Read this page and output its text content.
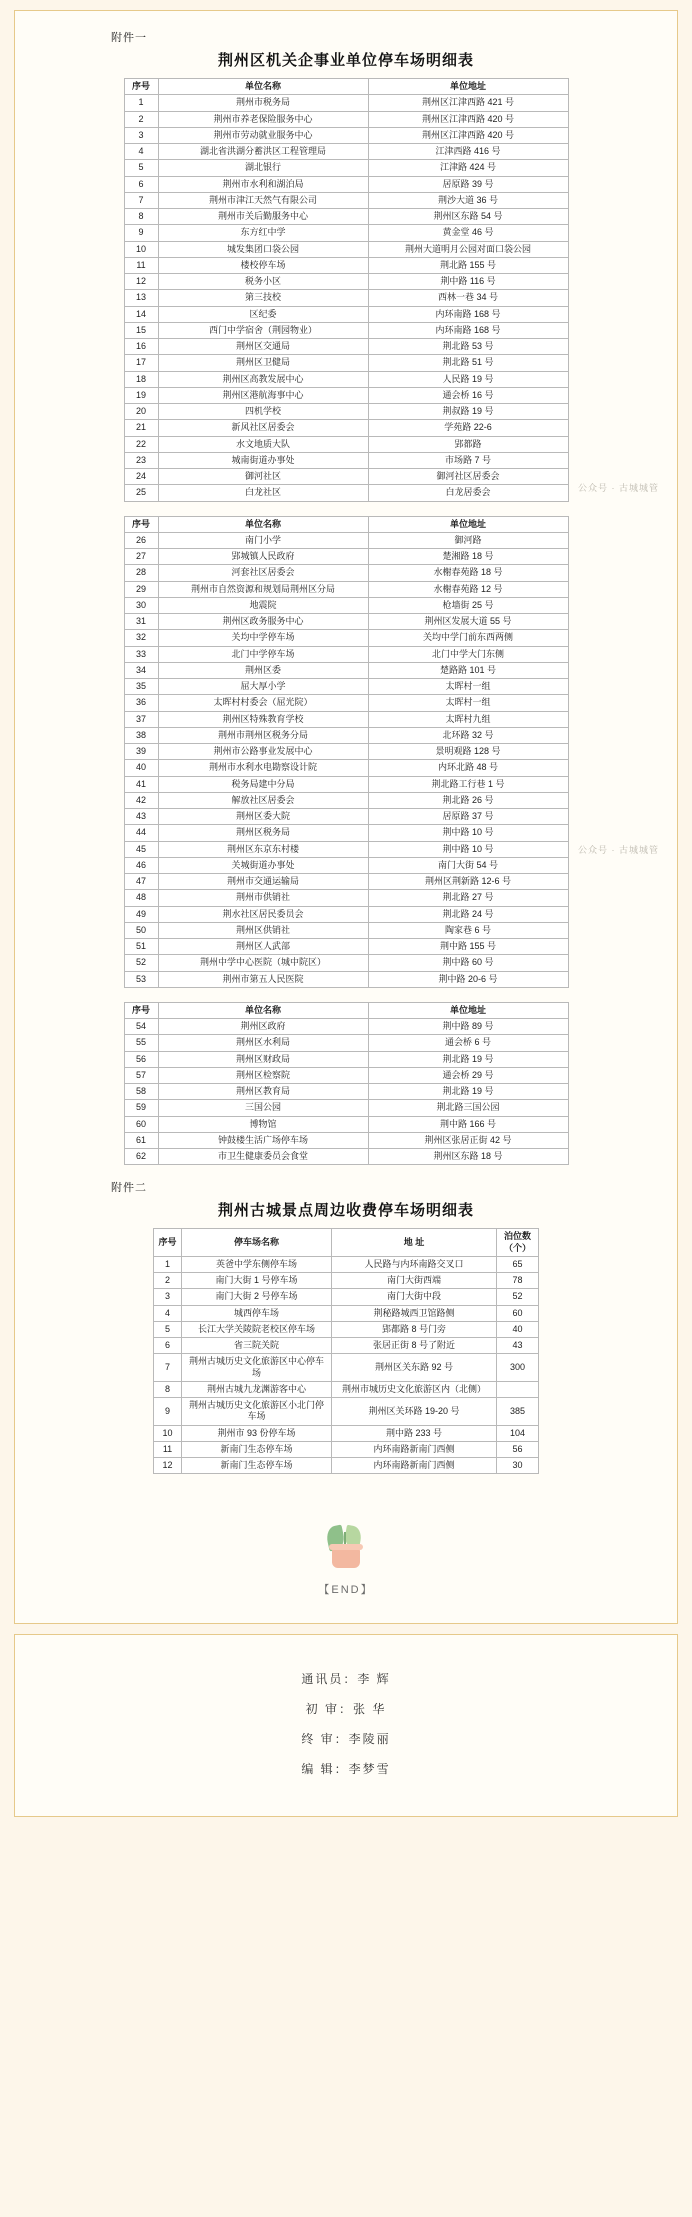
公众号 · 古城城管
公众号 · 古城城管
附件一
荆州区机关企事业单位停车场明细表
序号	单位名称	单位地址
1	荆州市税务局	荆州区江津西路 421 号
2	荆州市养老保险服务中心	荆州区江津西路 420 号
3	荆州市劳动就业服务中心	荆州区江津西路 420 号
4	湖北省洪湖分蓄洪区工程管理局	江津西路 416 号
5	湖北银行	江津路 424 号
6	荆州市水利和湖泊局	居原路 39 号
7	荆州市津江天然气有限公司	荆沙大道 36 号
8	荆州市关后勤服务中心	荆州区东路 54 号
9	东方红中学	黄金堂 46 号
10	城发集团口袋公园	荆州大道明月公园对面口袋公园
11	楼校停车场	荆北路 155 号
12	税务小区	荆中路 116 号
13	第三技校	西林一巷 34 号
14	区纪委	内环南路 168 号
15	西门中学宿舍（荆园物业）	内环南路 168 号
16	荆州区交通局	荆北路 53 号
17	荆州区卫健局	荆北路 51 号
18	荆州区高教发展中心	人民路 19 号
19	荆州区港航海事中心	通会桥 16 号
20	四机学校	荆叔路 19 号
21	新风社区居委会	学苑路 22-6
22	水文地质大队	郢都路
23	城南街道办事处	市场路 7 号
24	御河社区	御河社区居委会
25	白龙社区	白龙居委会
序号	单位名称	单位地址
26	南门小学	御河路
27	郢城镇人民政府	楚湘路 18 号
28	河套社区居委会	水榭春苑路 18 号
29	荆州市自然资源和规划局荆州区分局	水榭春苑路 12 号
30	地震院	枪墙街 25 号
31	荆州区政务服务中心	荆州区发展大道 55 号
32	关均中学停车场	关均中学门前东西两侧
33	北门中学停车场	北门中学大门东侧
34	荆州区委	楚路路 101 号
35	屈大厚小学	太晖村一组
36	太晖村村委会（屈光院）	太晖村一组
37	荆州区特殊教育学校	太晖村九组
38	荆州市荆州区税务分局	北环路 32 号
39	荆州市公路事业发展中心	景明观路 128 号
40	荆州市水利水电勘察设计院	内环北路 48 号
41	税务局建中分局	荆北路工行巷 1 号
42	解放社区居委会	荆北路 26 号
43	荆州区委大院	居原路 37 号
44	荆州区税务局	荆中路 10 号
45	荆州区东京东村楼	荆中路 10 号
46	关城街道办事处	南门大街 54 号
47	荆州市交通运输局	荆州区荆新路 12-6 号
48	荆州市供销社	荆北路 27 号
49	荆水社区居民委员会	荆北路 24 号
50	荆州区供销社	陶家巷 6 号
51	荆州区人武部	荆中路 155 号
52	荆州中学中心医院（城中院区）	荆中路 60 号
53	荆州市第五人民医院	荆中路 20-6 号
序号	单位名称	单位地址
54	荆州区政府	荆中路 89 号
55	荆州区水利局	通会桥 6 号
56	荆州区财政局	荆北路 19 号
57	荆州区检察院	通会桥 29 号
58	荆州区教育局	荆北路 19 号
59	三国公园	荆北路三国公园
60	博物馆	荆中路 166 号
61	钟鼓楼生活广场停车场	荆州区张居正街 42 号
62	市卫生健康委员会食堂	荆州区东路 18 号
附件二
荆州古城景点周边收费停车场明细表
序号	停车场名称	地 址	泊位数（个）
1	英爸中学东侧停车场	人民路与内环南路交叉口	65
2	南门大街 1 号停车场	南门大街西端	78
3	南门大街 2 号停车场	南门大街中段	52
4	城西停车场	荆秘路城西卫馆路侧	60
5	长江大学关陵院老校区停车场	郢都路 8 号门旁	40
6	省三院关院	张居正街 8 号了附近	43
7	荆州古城历史文化旅游区中心停车场	荆州区关东路 92 号	300
8	荆州古城九龙渊游客中心	荆州市城历史文化旅游区内（北侧）	
9	荆州古城历史文化旅游区小北门停车场	荆州区关环路 19-20 号	385
10	荆州市 93 份停车场	荆中路 233 号	104
11	新南门生态停车场	内环南路新南门西侧	56
12	新南门生态停车场	内环南路新南门西侧	30
【END】
通讯员：李 辉
初 审：张 华
终 审：李陵丽
编 辑：李梦雪
